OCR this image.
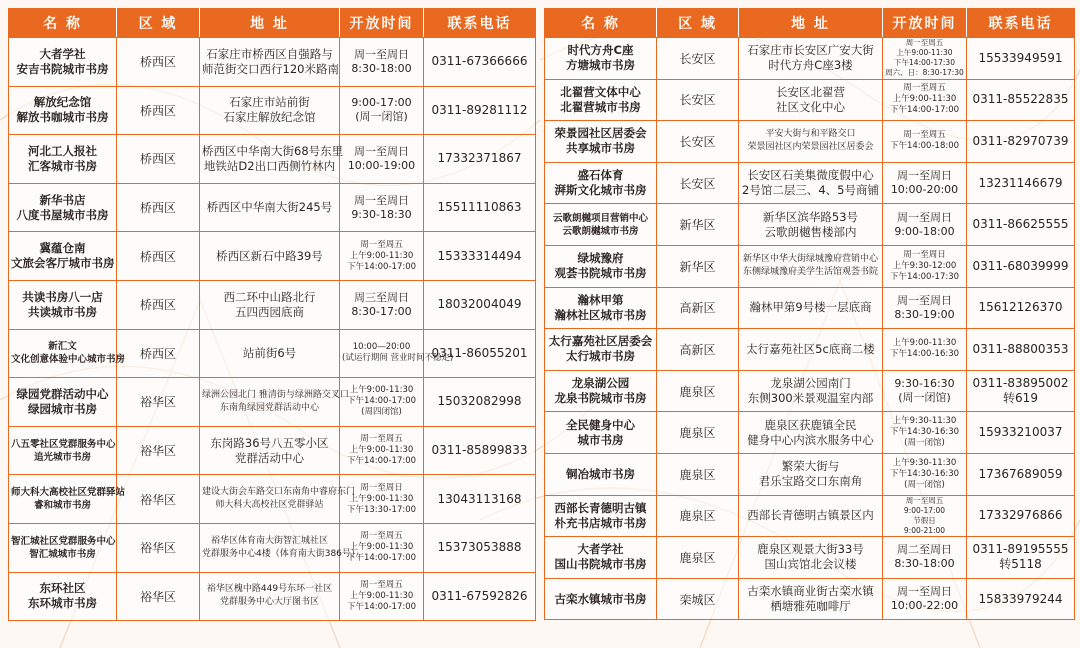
名 称	区 域	地 址	开放时间	联系电话

大者学社
安吉书院城市书房	桥西区	石家庄市桥西区自强路与
师范街交口西行120米路南	周一至周日
8:30-18:00	0311-67366666

解放纪念馆
解放书咖城市书房	桥西区	石家庄市站前街
石家庄解放纪念馆	9:00-17:00
(周一闭馆)	0311-89281112

河北工人报社
汇客城市书房	桥西区	桥西区中华南大街68号东里
地铁站D2出口西侧竹林内	周一至周日
10:00-19:00	17332371867

新华书店
八度书屋城市书房	桥西区	桥西区中华南大街245号	周一至周日
9:30-18:30	15511110863

冀蕴仓南
文旅会客厅城市书房	桥西区	桥西区新石中路39号	周一至周五
上午9:00-11:30
下午14:00-17:00	15333314494

共读书房八一店
共读城市书房	桥西区	西二环中山路北行
五四西园底商	周三至周日
8:30-17:00	18032004049

新汇文
文化创意体验中心城市书房	桥西区	站前街6号	10:00—20:00
(试运行期间 营业时间不稳定)	0311-86055201

绿园党群活动中心
绿园城市书房	裕华区	绿洲公园北门 雅清街与绿洲路交叉口
东南角绿园党群活动中心	上午9:00-11:30
下午14:00-17:00
(周四闭馆)	15032082998

八五零社区党群服务中心
追光城市书房	裕华区	东岗路36号八五零小区
党群活动中心	周一至周五
上午9:00-11:30
下午14:00-17:00	0311-85899833

师大科大高校社区党群驿站
睿和城市书房	裕华区	建设大街会车路交口东南角中睿府东门
师大科大高校社区党群驿站	周一至周日
上午9:00-11:30
下午13:30-17:00	13043113168

智汇城社区党群服务中心
智汇城城市书房	裕华区	裕华区体育南大街智汇城社区
党群服务中心4楼（体育南大街386号）	周一至周五
上午9:00-11:30
下午14:00-17:00	15373053888

东环社区
东环城市书房	裕华区	裕华区槐中路449号东环一社区
党群服务中心大厅图书区	周一至周五
上午9:00-11:30
下午14:00-17:00	0311-67592826
名 称	区 域	地 址	开放时间	联系电话

时代方舟C座
方塘城市书房	长安区	石家庄市长安区广安大街
时代方舟C座3楼	周一至周五
上午9:00-11:30
下午14:00-17:30
周六、日：8:30-17:30	15533949591

北翟营文体中心
北翟营城市书房	长安区	长安区北翟营
社区文化中心	周一至周五
上午9:00-11:30
下午14:00-17:00	0311-85522835

荣景园社区居委会
共享城市书房	长安区	平安大街与和平路交口
荣景园社区内荣景园社区居委会	周一至周五
下午14:00-18:00	0311-82970739

盛石体育
湃斯文化城市书房	长安区	长安区石美集微度假中心
2号馆二层三、4、5号商铺	周一至周日
10:00-20:00	13231146679

云歌朗樾项目营销中心
云歌朗樾城市书房	新华区	新华区滨华路53号
云歌朗樾售楼部内	周一至周日
9:00-18:00	0311-86625555

绿城豫府
观荟书院城市书房	新华区	新华区中华大街绿城豫府营销中心
东侧绿城豫府美学生活馆观荟书院	周一至周日
上午9:30-12:00
下午14:00-17:30	0311-68039999

瀚林甲第
瀚林社区城市书房	高新区	瀚林甲第9号楼一层底商	周一至周日
8:30-19:00	15612126370

太行嘉苑社区居委会
太行城市书房	高新区	太行嘉苑社区5c底商二楼	上午9:00-11:30
下午14:00-16:30	0311-88800353

龙泉湖公园
龙泉书院城市书房	鹿泉区	龙泉湖公园南门
东侧300米景观温室内部	9:30-16:30
(周一闭馆)	0311-83895002
转619

全民健身中心
城市书房	鹿泉区	鹿泉区获鹿镇全民
健身中心内滨水服务中心	上午9:30-11:30
下午14:30-16:30
(周一闭馆)	15933210037

铜冶城市书房	鹿泉区	繁荣大街与
君乐宝路交口东南角	上午9:30-11:30
下午14:30-16:30
(周一闭馆)	17367689059

西部长青德明古镇
朴充书店城市书房	鹿泉区	西部长青德明古镇景区内	周一至周五
9:00-17:00
节假日
9:00-21:00	17332976866

大者学社
国山书院城市书房	鹿泉区	鹿泉区观景大街33号
国山宾馆北会议楼	周二至周日
8:30-18:00	0311-89195555
转5118

古栾水镇城市书房	栾城区	古栾水镇商业街古栾水镇
栖塘雅苑咖啡厅	周一至周日
10:00-22:00	15833979244
